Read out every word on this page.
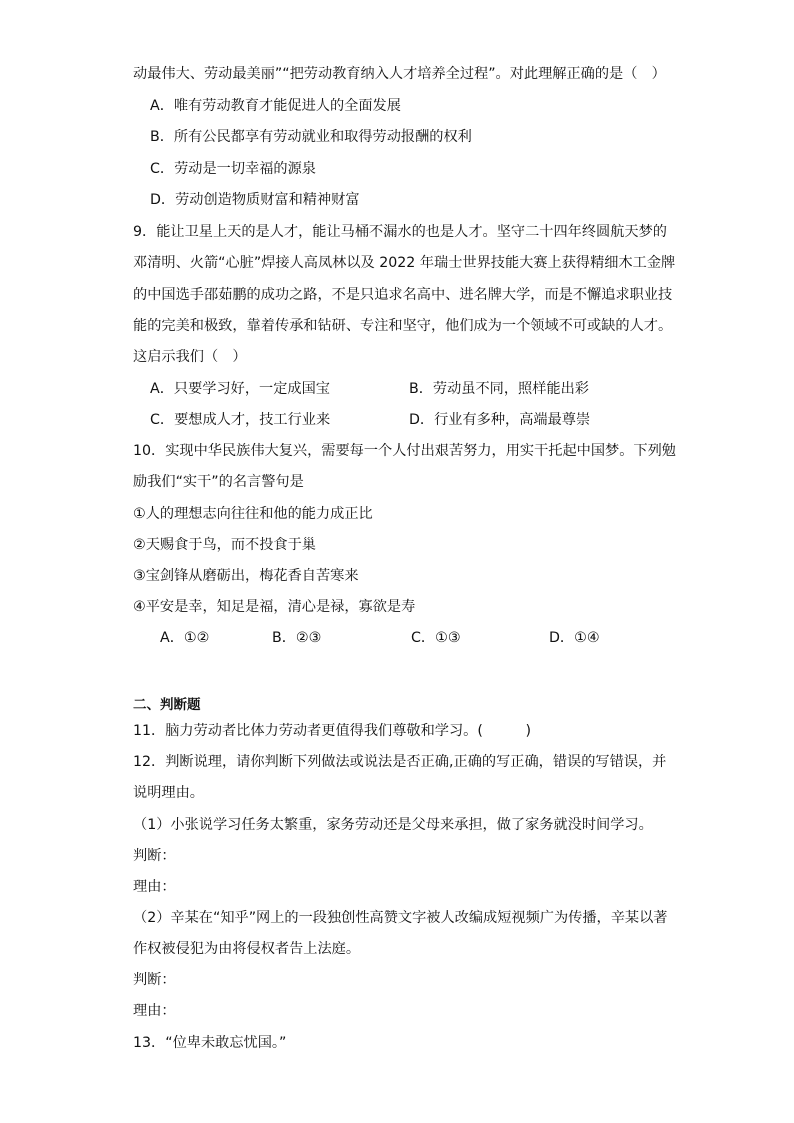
动最伟大、劳动最美丽”“把劳动教育纳入人才培养全过程”。对此理解正确的是（　）
A．唯有劳动教育才能促进人的全面发展
B．所有公民都享有劳动就业和取得劳动报酬的权利
C．劳动是一切幸福的源泉
D．劳动创造物质财富和精神财富
9．能让卫星上天的是人才，能让马桶不漏水的也是人才。坚守二十四年终圆航天梦的
邓清明、火箭“心脏”焊接人高凤林以及 2022 年瑞士世界技能大赛上获得精细木工金牌
的中国选手邵茹鹏的成功之路，不是只追求名高中、进名牌大学，而是不懈追求职业技
能的完美和极致，靠着传承和钻研、专注和坚守，他们成为一个领域不可或缺的人才。
这启示我们（　）
A．只要学习好，一定成国宝	B．劳动虽不同，照样能出彩
C．要想成人才，技工行业来	D．行业有多种，高端最尊崇
10．实现中华民族伟大复兴，需要每一个人付出艰苦努力，用实干托起中国梦。下列勉
励我们“实干”的名言警句是
①人的理想志向往往和他的能力成正比
②天赐食于鸟，而不投食于巢
③宝剑锋从磨砺出，梅花香自苦寒来
④平安是幸，知足是福，清心是禄，寡欲是寿
A．①②	B．②③	C．①③	D．①④
二、判断题
11．脑力劳动者比体力劳动者更值得我们尊敬和学习。(　　　)
12．判断说理，请你判断下列做法或说法是否正确,正确的写正确，错误的写错误，并
说明理由。
（1）小张说学习任务太繁重，家务劳动还是父母来承担，做了家务就没时间学习。
判断：
理由：
（2）辛某在“知乎”网上的一段独创性高赞文字被人改编成短视频广为传播，辛某以著
作权被侵犯为由将侵权者告上法庭。
判断：
理由：
13．“位卑未敢忘忧国。”
